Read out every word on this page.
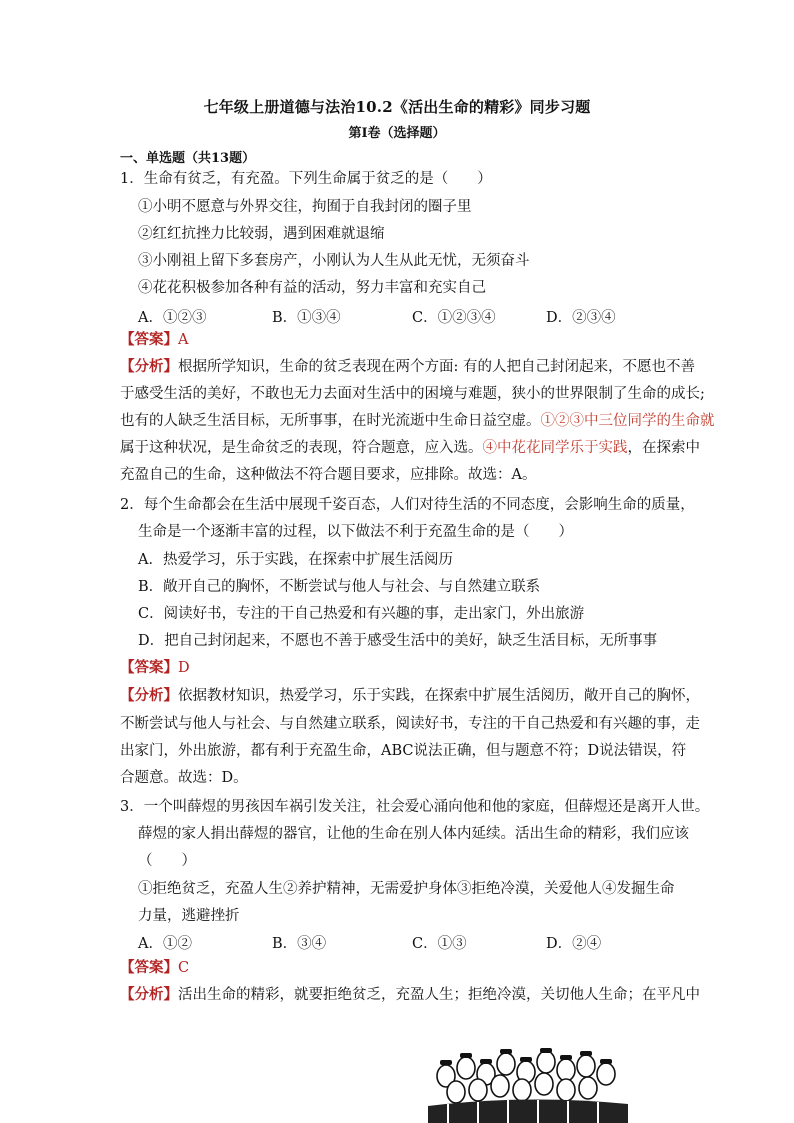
七年级上册道德与法治10.2《活出生命的精彩》同步习题
第I卷（选择题）
一、单选题（共13题）
1．生命有贫乏，有充盈。下列生命属于贫乏的是（　　）
①小明不愿意与外界交往，拘囿于自我封闭的圈子里
②红红抗挫力比较弱，遇到困难就退缩
③小刚祖上留下多套房产，小刚认为人生从此无忧，无须奋斗
④花花积极参加各种有益的活动，努力丰富和充实自己
A．①②③	B．①③④	C．①②③④	D．②③④
【答案】A
【分析】根据所学知识，生命的贫乏表现在两个方面: 有的人把自己封闭起来，不愿也不善
于感受生活的美好，不敢也无力去面对生活中的困境与难题，狭小的世界限制了生命的成长;
也有的人缺乏生活目标，无所事事，在时光流逝中生命日益空虚。①②③中三位同学的生命就
属于这种状况，是生命贫乏的表现，符合题意，应入选。④中花花同学乐于实践，在探索中
充盈自己的生命，这种做法不符合题目要求，应排除。故选：A。
2．每个生命都会在生活中展现千姿百态，人们对待生活的不同态度，会影响生命的质量，
生命是一个逐渐丰富的过程，以下做法不利于充盈生命的是（　　）
A．热爱学习，乐于实践，在探索中扩展生活阅历
B．敞开自己的胸怀，不断尝试与他人与社会、与自然建立联系
C．阅读好书，专注的干自己热爱和有兴趣的事，走出家门，外出旅游
D．把自己封闭起来，不愿也不善于感受生活中的美好，缺乏生活目标，无所事事
【答案】D
【分析】依据教材知识，热爱学习，乐于实践，在探索中扩展生活阅历，敞开自己的胸怀，
不断尝试与他人与社会、与自然建立联系，阅读好书，专注的干自己热爱和有兴趣的事，走
出家门，外出旅游，都有利于充盈生命，ABC说法正确，但与题意不符；D说法错误，符
合题意。故选：D。
3．一个叫薛煜的男孩因车祸引发关注，社会爱心涌向他和他的家庭，但薛煜还是离开人世。
薛煜的家人捐出薛煜的器官，让他的生命在别人体内延续。活出生命的精彩，我们应该
（　　）
①拒绝贫乏，充盈人生②养护精神，无需爱护身体③拒绝冷漠，关爱他人④发掘生命
力量，逃避挫折
A．①②	B．③④	C．①③	D．②④
【答案】C
【分析】活出生命的精彩，就要拒绝贫乏，充盈人生；拒绝冷漠，关切他人生命；在平凡中
